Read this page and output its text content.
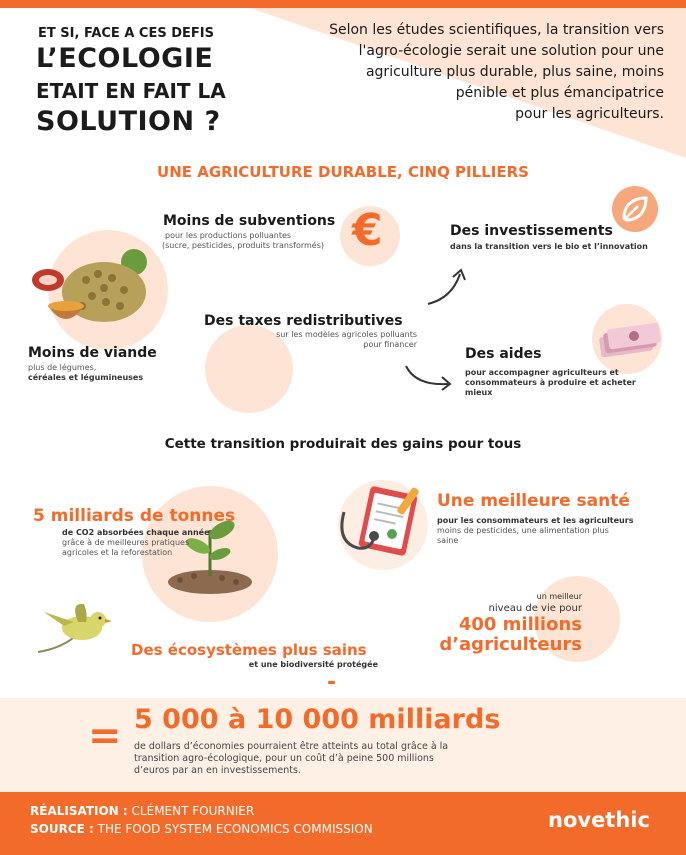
ET SI, FACE A CES DEFIS
L’ECOLOGIE
ETAIT EN FAIT LA
SOLUTION ?
Selon les études scientifiques, la transition vers
l'agro-écologie serait une solution pour une
agriculture plus durable, plus saine, moins
pénible et plus émancipatrice
pour les agriculteurs.
UNE AGRICULTURE DURABLE, CINQ PILLIERS
€
Moins de subventions
pour les productions polluantes
(sucre, pesticides, produits transformés)
Des investissements
dans la transition vers le bio et l’innovation
Moins de viande
plus de légumes,
céréales et légumineuses
Des taxes redistributives
sur les modèles agricoles polluants
pour financer
Des aides
pour accompagner agriculteurs et
consommateurs à produire et acheter
mieux
Cette transition produirait des gains pour tous
5 milliards de tonnes
de CO2 absorbées chaque année
grâce à de meilleures pratiques
agricoles et la reforestation
Une meilleure santé
pour les consommateurs et les agriculteurs
moins de pesticides, une alimentation plus
saine
Des écosystèmes plus sains
et une biodiversité protégée
un meilleur
niveau de vie pour
400 millions
d’agriculteurs
-
= 5 000 à 10 000 milliards
de dollars d’économies pourraient être atteints au total grâce à la
transition agro-écologique, pour un coût d’à peine 500 millions
d’euros par an en investissements.
RÉALISATION : CLÉMENT FOURNIER
SOURCE : THE FOOD SYSTEM ECONOMICS COMMISSION	novethic
